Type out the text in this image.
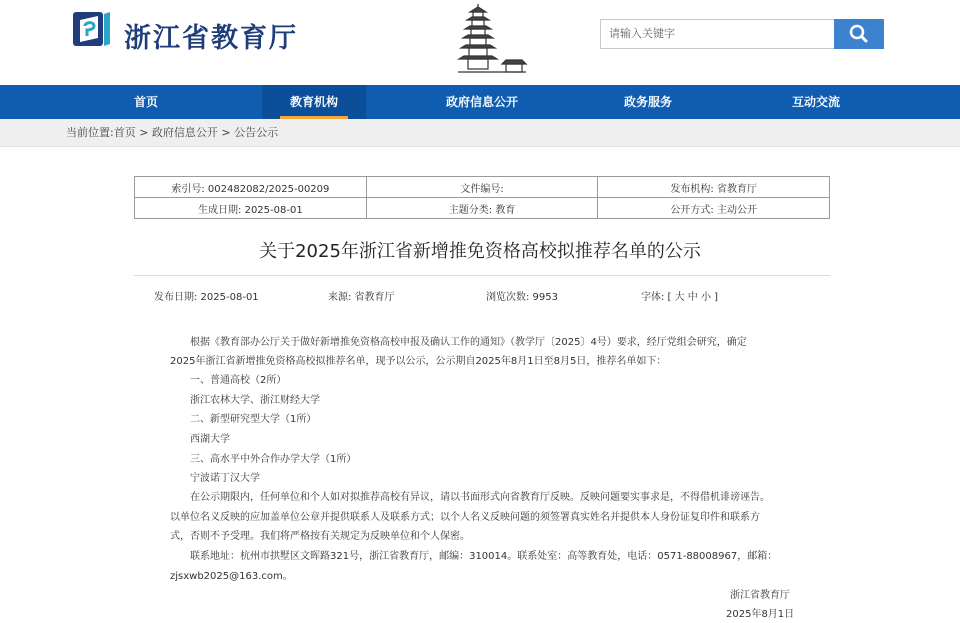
浙江省教育厅	请输入关键字
首页	教育机构	政府信息公开	政务服务	互动交流
当前位置:首页 > 政府信息公开 > 公告公示
索引号: 002482082/2025-00209	文件编号:	发布机构: 省教育厅
生成日期: 2025-08-01	主题分类: 教育	公开方式: 主动公开
关于2025年浙江省新增推免资格高校拟推荐名单的公示
发布日期: 2025-08-01	来源: 省教育厅	浏览次数: 9953	字体: [ 大 中 小 ]
根据《教育部办公厅关于做好新增推免资格高校申报及确认工作的通知》（教学厅〔2025〕4号）要求，经厅党组会研究，确定
2025年浙江省新增推免资格高校拟推荐名单，现予以公示，公示期自2025年8月1日至8月5日，推荐名单如下：
一、普通高校（2所）
浙江农林大学、浙江财经大学
二、新型研究型大学（1所）
西湖大学
三、高水平中外合作办学大学（1所）
宁波诺丁汉大学
在公示期限内，任何单位和个人如对拟推荐高校有异议，请以书面形式向省教育厅反映。反映问题要实事求是，不得借机诽谤诬告。
以单位名义反映的应加盖单位公章并提供联系人及联系方式；以个人名义反映问题的须签署真实姓名并提供本人身份证复印件和联系方
式，否则不予受理。我们将严格按有关规定为反映单位和个人保密。
联系地址：杭州市拱墅区文晖路321号，浙江省教育厅，邮编：310014。联系处室：高等教育处，电话：0571-88008967，邮箱：
zjsxwb2025@163.com。
浙江省教育厅
2025年8月1日
